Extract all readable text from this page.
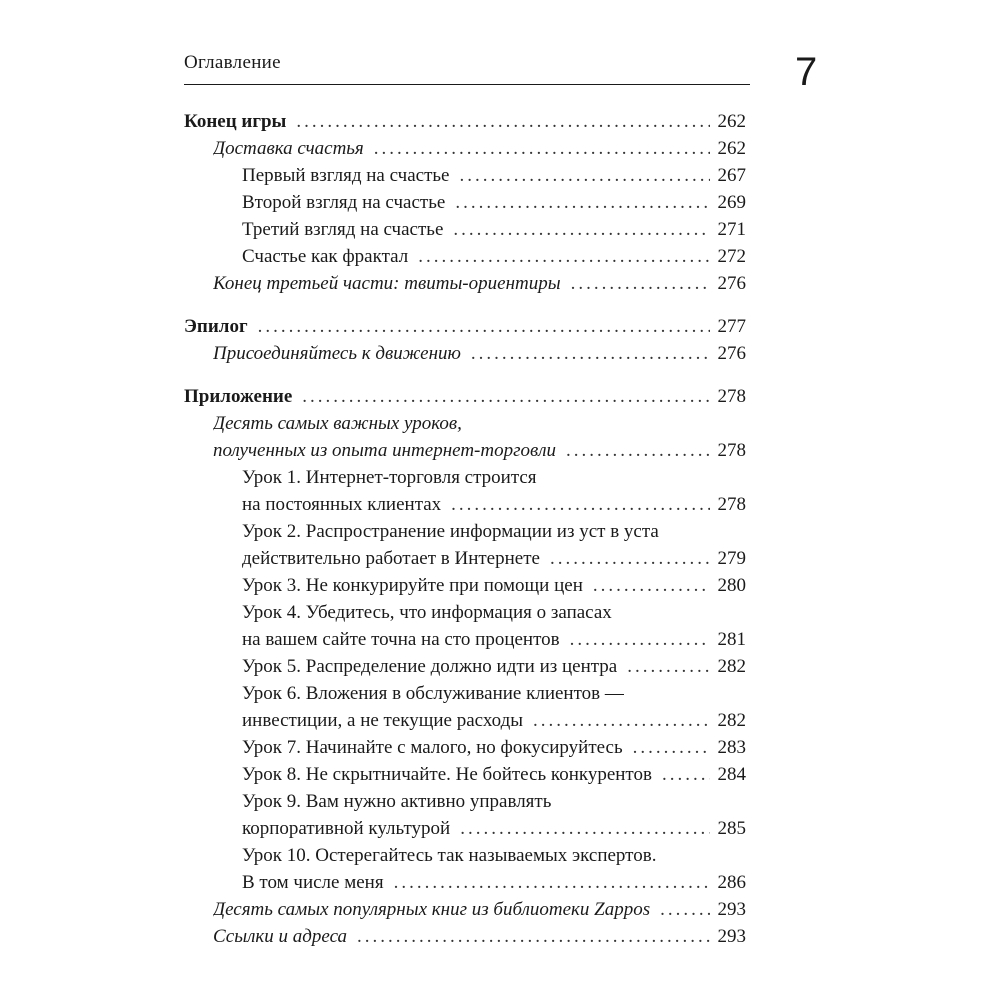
Оглавление	7
Конец игры .....	262
Доставка счастья .....	262
Первый взгляд на счастье .....	267
Второй взгляд на счастье .....	269
Третий взгляд на счастье .....	271
Счастье как фрактал .....	272
Конец третьей части: твиты-ориентиры .....	276
Эпилог .....	277
Присоединяйтесь к движению .....	276
Приложение .....	278
Десять самых важных уроков,
полученных из опыта интернет-торговли .....	278
Урок 1. Интернет-торговля строится
на постоянных клиентах .....	278
Урок 2. Распространение информации из уст в уста
действительно работает в Интернете .....	279
Урок 3. Не конкурируйте при помощи цен .....	280
Урок 4. Убедитесь, что информация о запасах
на вашем сайте точна на сто процентов .....	281
Урок 5. Распределение должно идти из центра .....	282
Урок 6. Вложения в обслуживание клиентов —
инвестиции, а не текущие расходы .....	282
Урок 7. Начинайте с малого, но фокусируйтесь .....	283
Урок 8. Не скрытничайте. Не бойтесь конкурентов .....	284
Урок 9. Вам нужно активно управлять
корпоративной культурой .....	285
Урок 10. Остерегайтесь так называемых экспертов.
В том числе меня .....	286
Десять самых популярных книг из библиотеки Zappos .....	293
Ссылки и адреса .....	293
